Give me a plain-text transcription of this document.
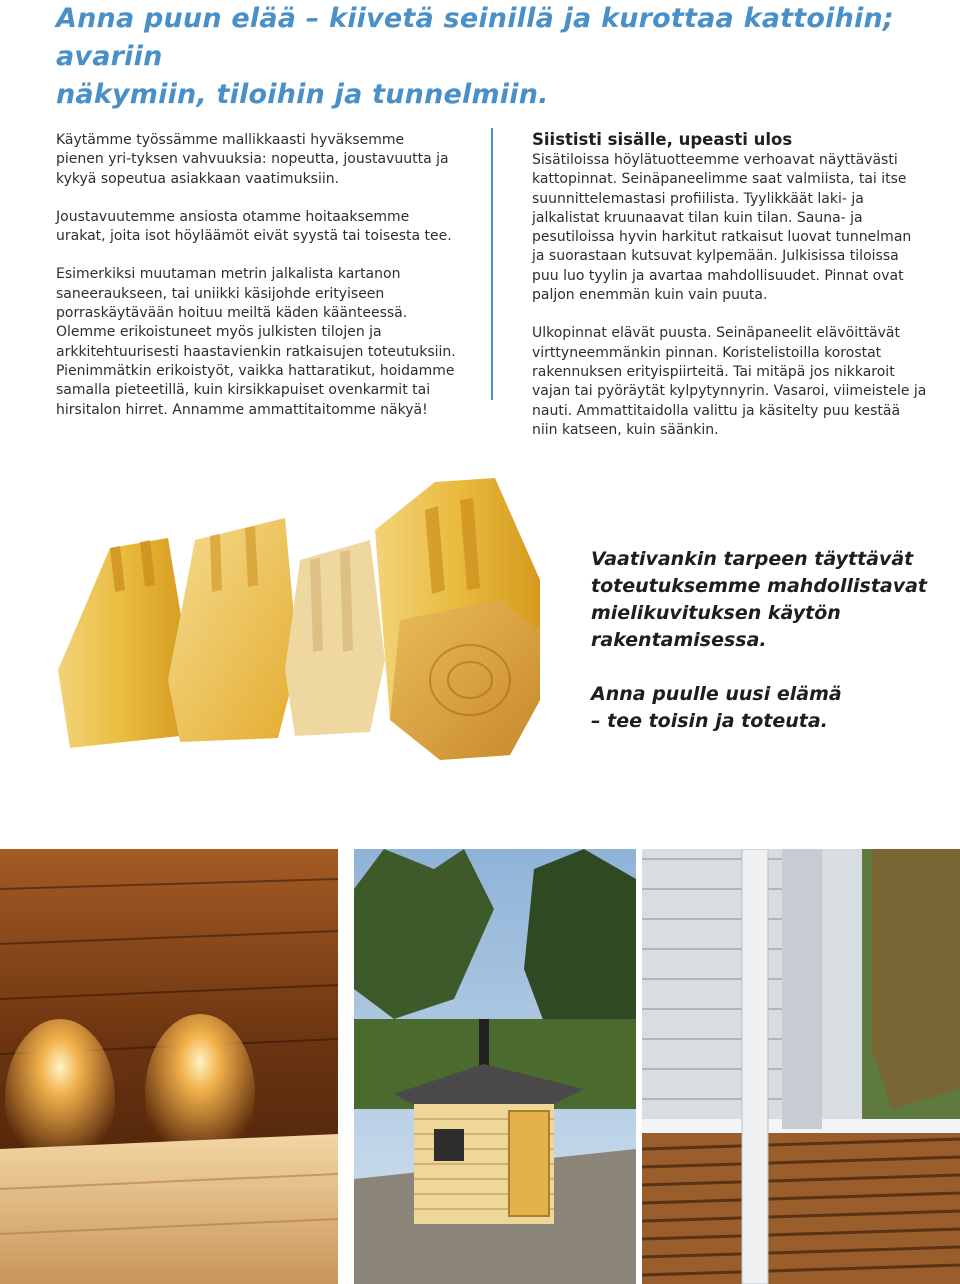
Anna puun elää – kiivetä seinillä ja kurottaa kattoihin; avariin
näkymiin, tiloihin ja tunnelmiin.

Käytämme työssämme mallikkaasti hyväksemme pienen yri-tyksen vahvuuksia: nopeutta, joustavuutta ja kykyä sopeutua asiakkaan vaatimuksiin.

Joustavuutemme ansiosta otamme hoitaaksemme urakat, joita isot höyläämöt eivät syystä tai toisesta tee.

Esimerkiksi muutaman metrin jalkalista kartanon saneeraukseen, tai uniikki käsijohde erityiseen porraskäytävään hoituu meiltä käden käänteessä. Olemme erikoistuneet myös julkisten tilojen ja arkkitehtuurisesti haastavienkin ratkaisujen toteutuksiin. Pienimmätkin erikoistyöt, vaikka hattaratikut, hoidamme samalla pieteetillä, kuin kirsikkapuiset ovenkarmit tai hirsitalon hirret. Annamme ammattitaitomme näkyä!

Siististi sisälle, upeasti ulos

Sisätiloissa höylätuotteemme verhoavat näyttävästi kattopinnat. Seinäpaneelimme saat valmiista, tai itse suunnittelemastasi profiilista. Tyylikkäät laki- ja jalkalistat kruunaavat tilan kuin tilan. Sauna- ja pesutiloissa hyvin harkitut ratkaisut luovat tunnelman ja suorastaan kutsuvat kylpemään. Julkisissa tiloissa puu luo tyylin ja avartaa mahdollisuudet. Pinnat ovat paljon enemmän kuin vain puuta.

Ulkopinnat elävät puusta. Seinäpaneelit elävöittävät virttyneemmänkin pinnan. Koristelistoilla korostat rakennuksen erityispiirteitä. Tai mitäpä jos nikkaroit vajan tai pyöräytät kylpytynnyrin. Vasaroi, viimeistele ja nauti. Ammattitaidolla valittu ja käsitelty puu kestää niin katseen, kuin säänkin.

Vaativankin tarpeen täyttävät toteutuksemme mahdollistavat mielikuvituksen käytön rakentamisessa.

Anna puulle uusi elämä

– tee toisin ja toteuta.
